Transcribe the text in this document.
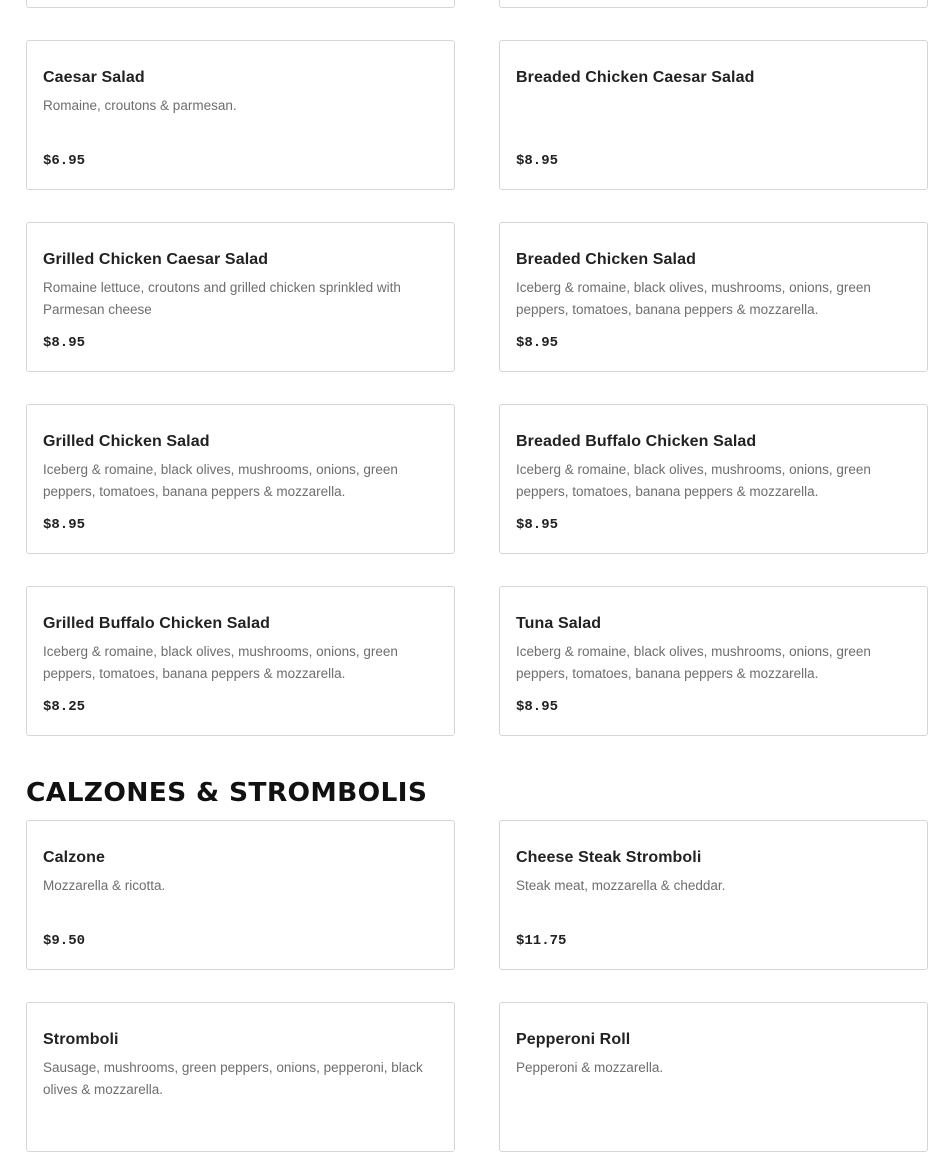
Caesar Salad
Romaine, croutons & parmesan.
$6.95
Breaded Chicken Caesar Salad
$8.95
Grilled Chicken Caesar Salad
Romaine lettuce, croutons and grilled chicken sprinkled with Parmesan cheese
$8.95
Breaded Chicken Salad
Iceberg & romaine, black olives, mushrooms, onions, green peppers, tomatoes, banana peppers & mozzarella.
$8.95
Grilled Chicken Salad
Iceberg & romaine, black olives, mushrooms, onions, green peppers, tomatoes, banana peppers & mozzarella.
$8.95
Breaded Buffalo Chicken Salad
Iceberg & romaine, black olives, mushrooms, onions, green peppers, tomatoes, banana peppers & mozzarella.
$8.95
Grilled Buffalo Chicken Salad
Iceberg & romaine, black olives, mushrooms, onions, green peppers, tomatoes, banana peppers & mozzarella.
$8.25
Tuna Salad
Iceberg & romaine, black olives, mushrooms, onions, green peppers, tomatoes, banana peppers & mozzarella.
$8.95
CALZONES & STROMBOLIS
Calzone
Mozzarella & ricotta.
$9.50
Cheese Steak Stromboli
Steak meat, mozzarella & cheddar.
$11.75
Stromboli
Sausage, mushrooms, green peppers, onions, pepperoni, black olives & mozzarella.
Pepperoni Roll
Pepperoni & mozzarella.
